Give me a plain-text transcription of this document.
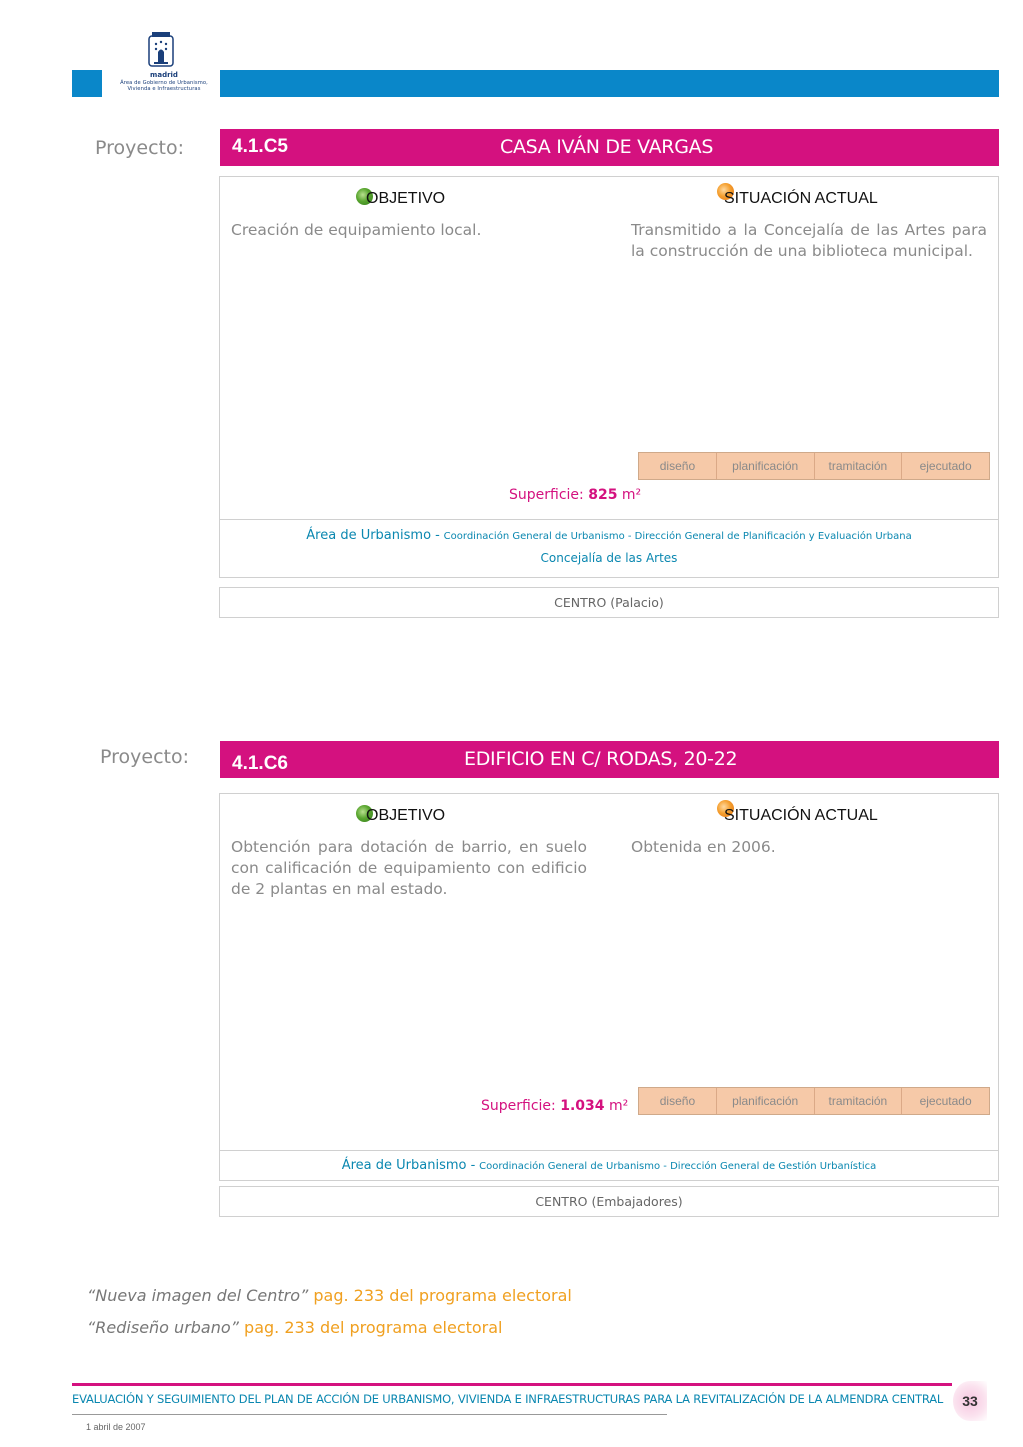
madrid
Área de Gobierno de Urbanismo,
Vivienda e Infraestructuras
Proyecto:	4.1.C5	CASA IVÁN DE VARGAS
OBJETIVO	SITUACIÓN ACTUAL
Creación de equipamiento local.	Transmitido a la Concejalía de las Artes para la construcción de una biblioteca municipal.
diseño	planificación	tramitación	ejecutado
Superficie: 825 m²
Área de Urbanismo - Coordinación General de Urbanismo - Dirección General de Planificación y Evaluación Urbana
Concejalía de las Artes
CENTRO (Palacio)
Proyecto: 4.1.C6	EDIFICIO EN C/ RODAS, 20-22
OBJETIVO	SITUACIÓN ACTUAL
Obtención para dotación de barrio, en suelo con calificación de equipamiento con edificio de 2 plantas en mal estado.
Obtenida en 2006.
diseño	planificación	tramitación	ejecutado
Superficie: 1.034 m²
Área de Urbanismo - Coordinación General de Urbanismo - Dirección General de Gestión Urbanística
CENTRO (Embajadores)
“Nueva imagen del Centro” pag. 233 del programa electoral
“Rediseño urbano” pag. 233 del programa electoral
EVALUACIÓN Y SEGUIMIENTO DEL PLAN DE ACCIÓN DE URBANISMO, VIVIENDA E INFRAESTRUCTURAS PARA LA REVITALIZACIÓN DE LA ALMENDRA CENTRAL	33
1 abril de 2007
